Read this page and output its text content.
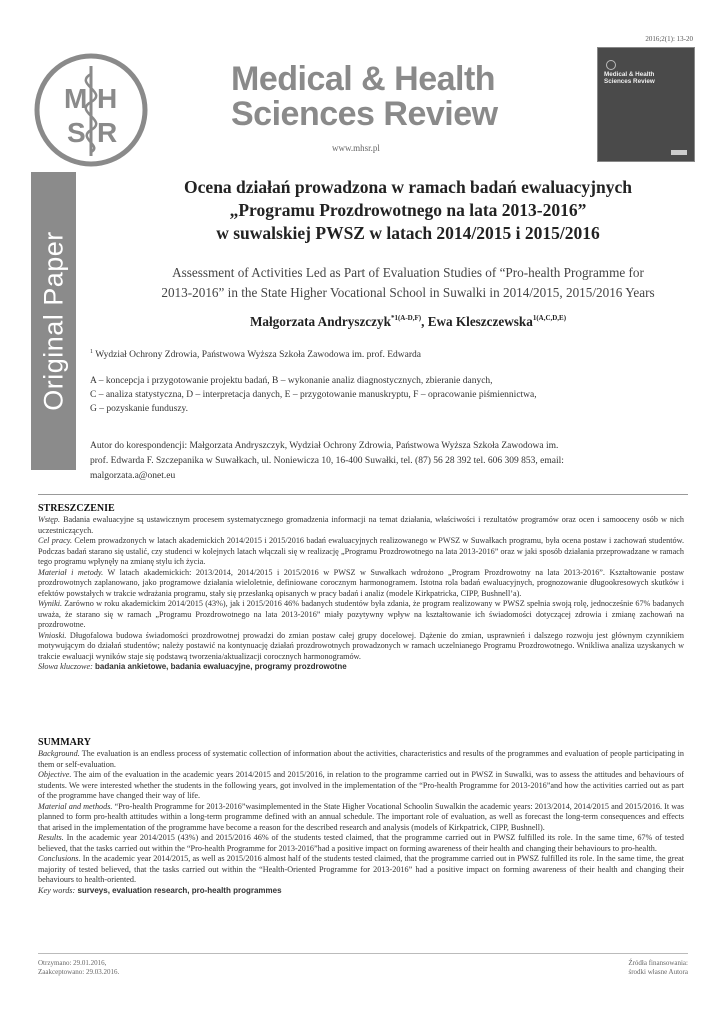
2016;2(1): 13-20
M H
S R
Medical & Health
Sciences Review
www.mhsr.pl
Medical & Health
Sciences Review
Original Paper
Ocena działań prowadzona w ramach badań ewaluacyjnych
„Programu Prozdrowotnego na lata 2013-2016”
w suwalskiej PWSZ w latach 2014/2015 i 2015/2016
Assessment of Activities Led as Part of Evaluation Studies of “Pro-health Programme for
2013-2016” in the State Higher Vocational School in Suwalki in 2014/2015, 2015/2016 Years
Małgorzata Andryszczyk$^{*1(A-D,F)}$, Ewa Kleszczewska$^{1(A,C,D,E)}$
$^1$ Wydział Ochrony Zdrowia, Państwowa Wyższa Szkoła Zawodowa im. prof. Edwarda
A – koncepcja i przygotowanie projektu badań, B – wykonanie analiz diagnostycznych, zbieranie danych,
C – analiza statystyczna, D – interpretacja danych, E – przygotowanie manuskryptu, F – opracowanie piśmiennictwa,
G – pozyskanie funduszy.
Autor do korespondencji: Małgorzata Andryszczyk, Wydział Ochrony Zdrowia, Państwowa Wyższa Szkoła Zawodowa im.
prof. Edwarda F. Szczepanika w Suwałkach, ul. Noniewicza 10, 16-400 Suwałki, tel. (87) 56 28 392 tel. 606 309 853, email:
malgorzata.a@onet.eu
STRESZCZENIE

Wstęp. Badania ewaluacyjne są ustawicznym procesem systematycznego gromadzenia informacji na temat działania, właściwości i rezultatów programów oraz ocen i samooceny osób w nich uczestniczących.

Cel pracy. Celem prowadzonych w latach akademickich 2014/2015 i 2015/2016 badań ewaluacyjnych realizowanego w PWSZ w Suwałkach programu, była ocena postaw i zachowań studentów. Podczas badań starano się ustalić, czy studenci w kolejnych latach włączali się w realizację „Programu Prozdrowotnego na lata 2013-2016” oraz w jaki sposób działania przeprowadzane w ramach tego programu wpłynęły na zmianę stylu ich życia.

Materiał i metody. W latach akademickich: 2013/2014, 2014/2015 i 2015/2016 w PWSZ w Suwałkach wdrożono „Program Prozdrowotny na lata 2013-2016”. Kształtowanie postaw prozdrowotnych zaplanowano, jako programowe działania wieloletnie, definiowane corocznym harmonogramem. Istotna rola badań ewaluacyjnych, prognozowanie długookresowych skutków i efektów powstałych w trakcie wdrażania programu, stały się przesłanką opisanych w pracy badań i analiz (modele Kirkpatricka, CIPP, Bushnell’a).

Wyniki. Zarówno w roku akademickim 2014/2015 (43%), jak i 2015/2016 46% badanych studentów była zdania, że program realizowany w PWSZ spełnia swoją rolę, jednocześnie 67% badanych uważa, że starano się w ramach „Programu Prozdrowotnego na lata 2013-2016” miały pozytywny wpływ na kształtowanie ich świadomości dotyczącej zdrowia i zmianę zachowań na prozdrowotne.

Wnioski. Długofalowa budowa świadomości prozdrowotnej prowadzi do zmian postaw całej grupy docelowej. Dążenie do zmian, usprawnień i dalszego rozwoju jest głównym czynnikiem motywującym do działań studentów; należy postawić na kontynuację działań prozdrowotnych prowadzonych w ramach uczelnianego Programu Prozdrowotnego. Wnikliwa analiza uzyskanych w trakcie ewaluacji wyników staje się podstawą tworzenia/aktualizacji corocznych harmonogramów.

Słowa kluczowe: badania ankietowe, badania ewaluacyjne, programy prozdrowotne

SUMMARY

Background. The evaluation is an endless process of systematic collection of information about the activities, characteristics and results of the programmes and evaluation of people participating in them or self-evaluation.

Objective. The aim of the evaluation in the academic years 2014/2015 and 2015/2016, in relation to the programme carried out in PWSZ in Suwalki, was to assess the attitudes and behaviours of students. We were interested whether the students in the following years, got involved in the implementation of the “Pro-health Programme for 2013-2016”and how the activities carried out as part of the programme have changed their way of life.

Material and methods. “Pro-health Programme for 2013-2016”wasimplemented in the State Higher Vocational Schoolin Suwalkin the academic years: 2013/2014, 2014/2015 and 2015/2016. It was planned to form pro-health attitudes within a long-term programme defined with an annual schedule. The important role of evaluation, as well as forecast the long-term consequences and effects that arised in the implementation of the programme have become a reason for the described research and analysis (models of Kirkpatrick, CIPP, Bushnell).

Results. In the academic year 2014/2015 (43%) and 2015/2016 46% of the students tested claimed, that the programme carried out in PWSZ fulfilled its role. In the same time, 67% of tested believed, that the tasks carried out within the “Pro-health Programme for 2013-2016”had a positive impact on forming awareness of their health and changing their behaviours to pro-health.

Conclusions. In the academic year 2014/2015, as well as 2015/2016 almost half of the students tested claimed, that the programme carried out in PWSZ fulfilled its role. In the same time, the great majority of tested believed, that the tasks carried out within the “Health-Oriented Programme for 2013-2016” had a positive impact on forming awareness of their health and changing their behaviours to health-oriented.

Key words: surveys, evaluation research, pro-health programmes

Otrzymano: 29.01.2016,
Zaakceptowano: 29.03.2016.
Źródła finansowania:
środki własne Autora
